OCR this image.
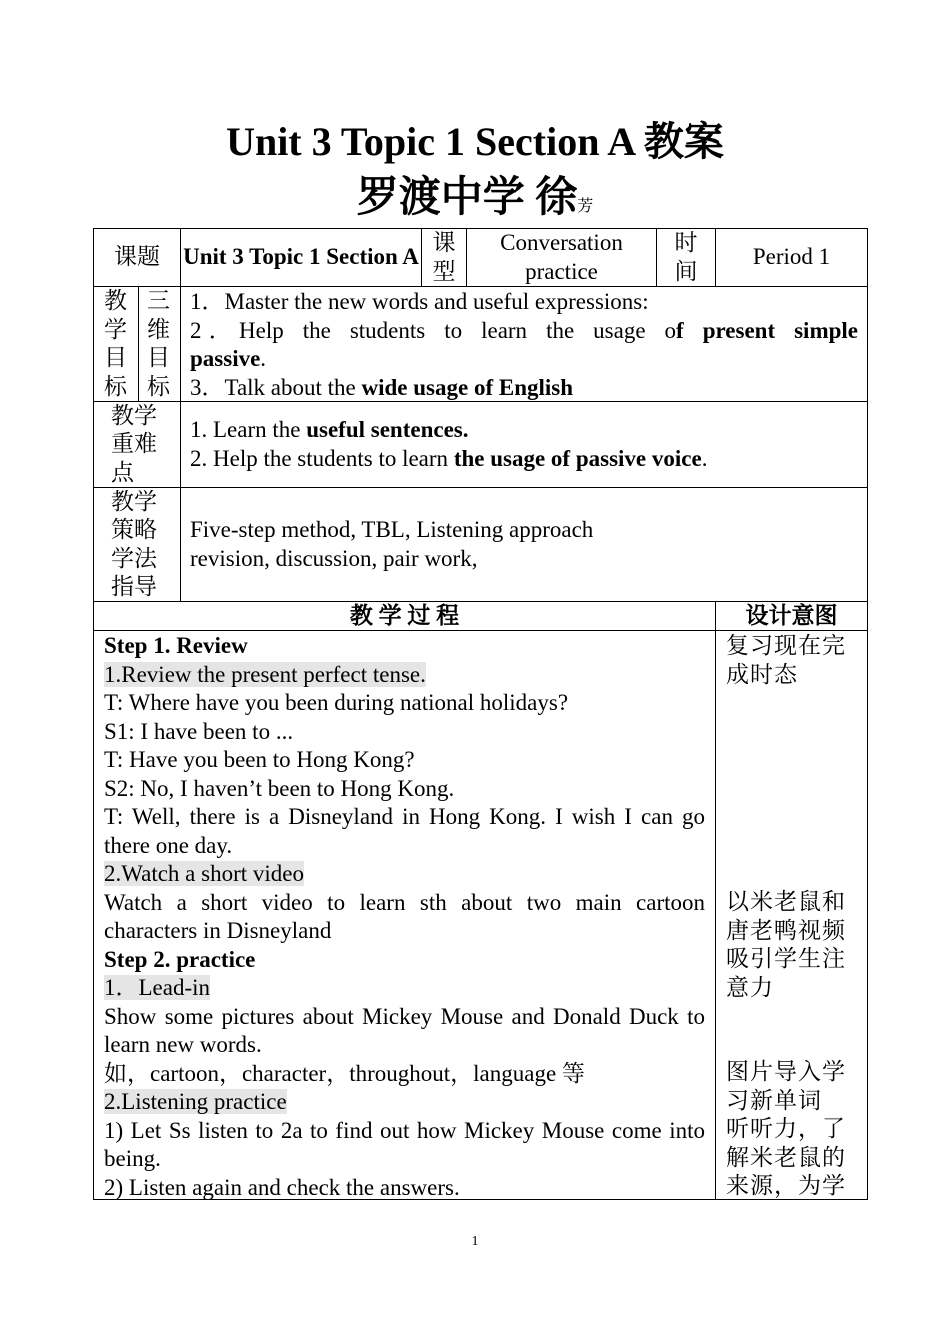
Unit 3 Topic 1 Section A 教案
罗渡中学 徐芳
课题 Unit 3 Topic 1 Section A
课型
Conversation practice
时间
Period 1
教学目标
三维目标
1．Master the new words and useful expressions:
2．Help the students to learn the usage of present simple passive.
3．Talk about the wide usage of English
教学重难点
1. Learn the useful sentences.
2. Help the students to learn the usage of passive voice.
教学策略学法指导
Five-step method, TBL, Listening approach
revision, discussion, pair work,
教 学 过 程	设计意图
Step 1. Review
1.Review the present perfect tense.
T: Where have you been during national holidays?
S1: I have been to ...
T: Have you been to Hong Kong?
S2: No, I haven’t been to Hong Kong.
T: Well, there is a Disneyland in Hong Kong. I wish I can go there one day.
2.Watch a short video
Watch a short video to learn sth about two main cartoon characters in Disneyland
Step 2. practice
1．Lead-in
Show some pictures about Mickey Mouse and Donald Duck to learn new words.
如，cartoon，character，throughout，language 等
2.Listening practice
1) Let Ss listen to 2a to find out how Mickey Mouse come into being.
2) Listen again and check the answers.
复习现在完成时态
以米老鼠和唐老鸭视频吸引学生注意力
图片导入学习新单词
听听力，了解米老鼠的来源，为学
1
